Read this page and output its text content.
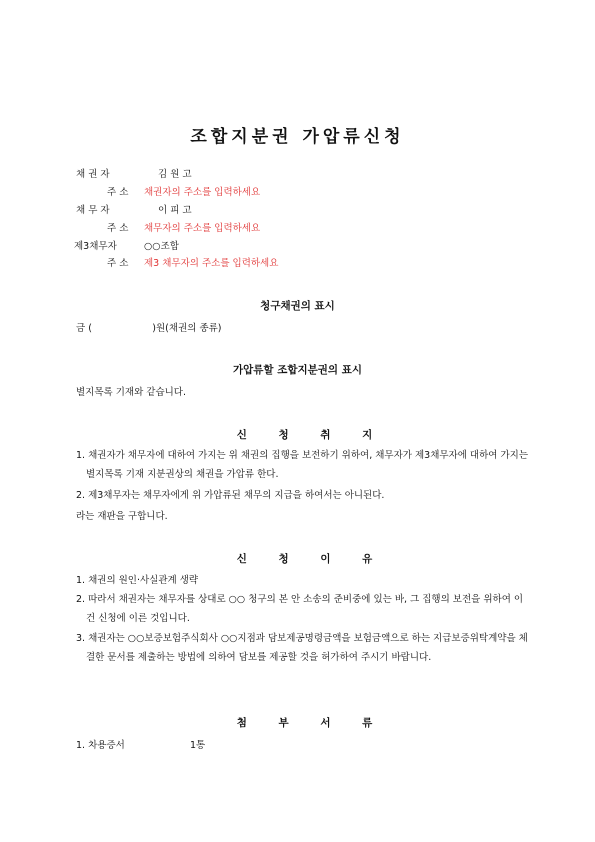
조합지분권 가압류신청
채 권 자	김 원 고
주 소 채권자의 주소를 입력하세요
채 무 자	이 피 고
주 소 채무자의 주소를 입력하세요
제3채무자	○○조합
주 소 제3 채무자의 주소를 입력하세요
청구채권의 표시
금 (                    )원(채권의 종류)
가압류할 조합지분권의 표시
별지목록 기재와 같습니다.
신 청 취 지
1. 채권자가 채무자에 대하여 가지는 위 채권의 집행을 보전하기 위하여, 채무자가 제3채무자에 대하여 가지는 별지목록 기재 지분권상의 채권을 가압류 한다.
2. 제3채무자는 채무자에게 위 가압류된 채무의 지급을 하여서는 아니된다.
라는 재판을 구합니다.
신 청 이 유
1. 채권의 원인·사실관계 생략
2. 따라서 채권자는 채무자를 상대로 ○○ 청구의 본 안 소송의 준비중에 있는 바, 그 집행의 보전을 위하여 이 건 신청에 이른 것입니다.
3. 채권자는 ○○보증보험주식회사 ○○지점과 담보제공명령금액을 보험금액으로 하는 지급보증위탁계약을 체결한 문서를 제출하는 방법에 의하여 담보를 제공할 것을 허가하여 주시기 바랍니다.
첨 부 서 류
1. 차용증서	1통
